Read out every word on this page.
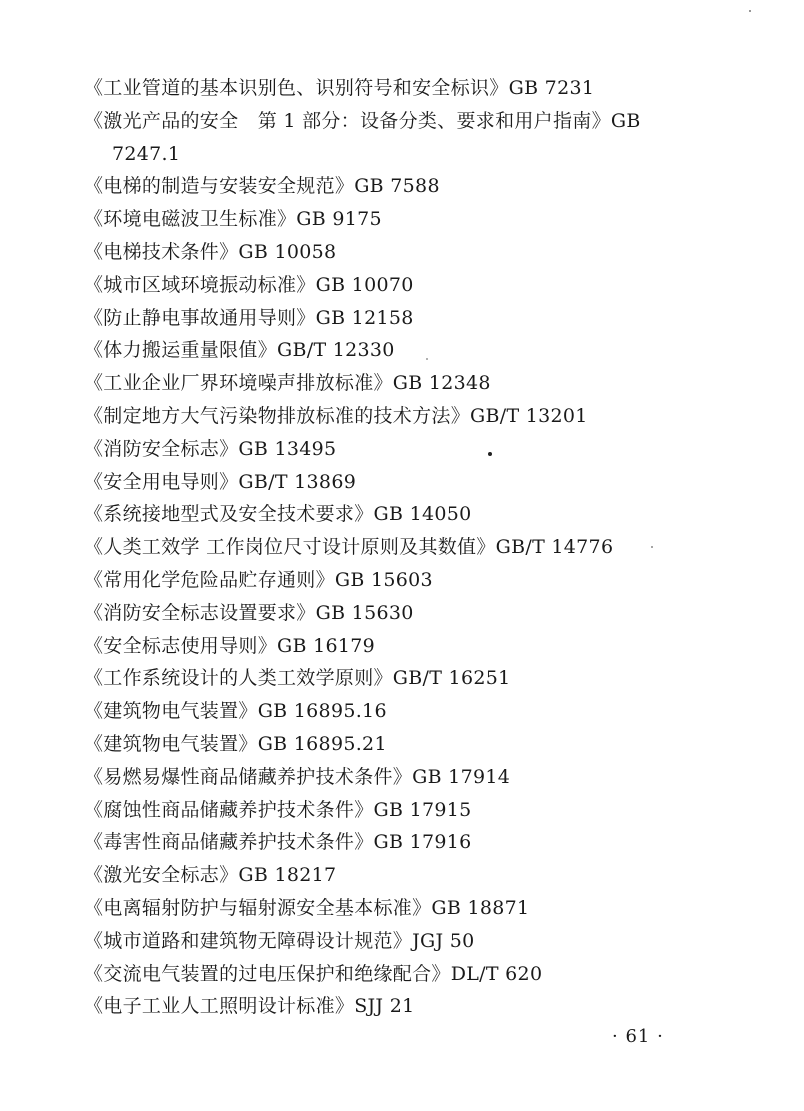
《工业管道的基本识别色、识别符号和安全标识》GB 7231
《激光产品的安全　第 1 部分：设备分类、要求和用户指南》GB
7247.1
《电梯的制造与安装安全规范》GB 7588
《环境电磁波卫生标准》GB 9175
《电梯技术条件》GB 10058
《城市区域环境振动标准》GB 10070
《防止静电事故通用导则》GB 12158
《体力搬运重量限值》GB/T 12330
《工业企业厂界环境噪声排放标准》GB 12348
《制定地方大气污染物排放标准的技术方法》GB/T 13201
《消防安全标志》GB 13495
《安全用电导则》GB/T 13869
《系统接地型式及安全技术要求》GB 14050
《人类工效学 工作岗位尺寸设计原则及其数值》GB/T 14776
《常用化学危险品贮存通则》GB 15603
《消防安全标志设置要求》GB 15630
《安全标志使用导则》GB 16179
《工作系统设计的人类工效学原则》GB/T 16251
《建筑物电气装置》GB 16895.16
《建筑物电气装置》GB 16895.21
《易燃易爆性商品储藏养护技术条件》GB 17914
《腐蚀性商品储藏养护技术条件》GB 17915
《毒害性商品储藏养护技术条件》GB 17916
《激光安全标志》GB 18217
《电离辐射防护与辐射源安全基本标准》GB 18871
《城市道路和建筑物无障碍设计规范》JGJ 50
《交流电气装置的过电压保护和绝缘配合》DL/T 620
《电子工业人工照明设计标准》SJJ 21
· 61 ·
